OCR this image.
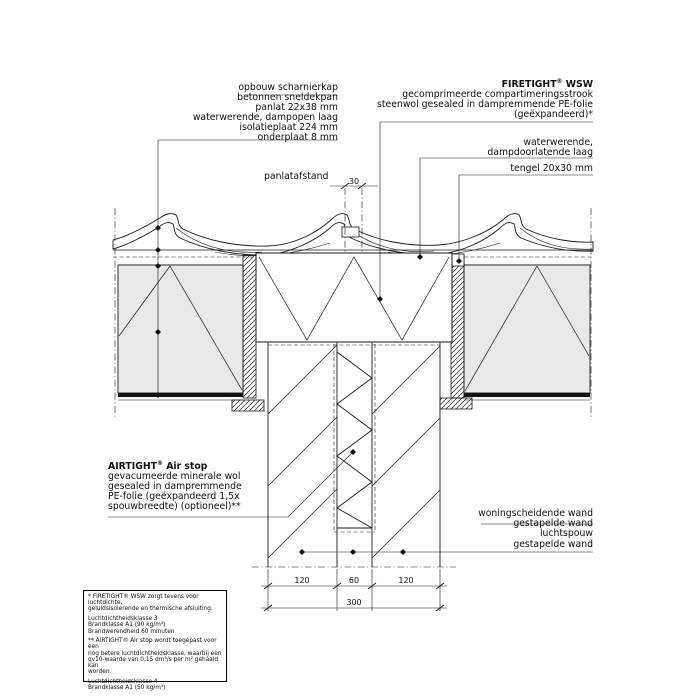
opbouw scharnierkap
betonnen sneldekpan
panlat 22x38 mm
waterwerende, dampopen laag
isolatieplaat 224 mm
onderplaat 8 mm
FIRETIGHT® WSW
gecomprimeerde compartimeringsstrook
steenwol gesealed in dampremmende PE-folie
(geëxpandeerd)*
waterwerende,
dampdoorlatende laag
tengel 20x30 mm
panlatafstand
AIRTIGHT® Air stop
gevacumeerde minerale wol
gesealed in dampremmende
PE-folie (geëxpandeerd 1,5x
spouwbreedte) (optioneel)**
woningscheidende wand
gestapelde wand
luchtspouw
gestapelde wand
30
120	60	120
300

* FIRETIGHT® WSW zorgt tevens voor luchtdichte,
geluidsisolerende en thermische afsluiting.

Luchtdichtheidsklasse 3
Brandklasse A1 (90 kg/m³)
Brandwerendheid 60 minuten

** AIRTIGHT® Air stop wordt toegepast voor een
nog betere luchtdichtheidsklasse, waarbij een
qv10-waarde van 0,15 dm³/s per m² gehaald kan
worden.

Luchtdichtheidsklasse 4
Brandklasse A1 (50 kg/m³)
